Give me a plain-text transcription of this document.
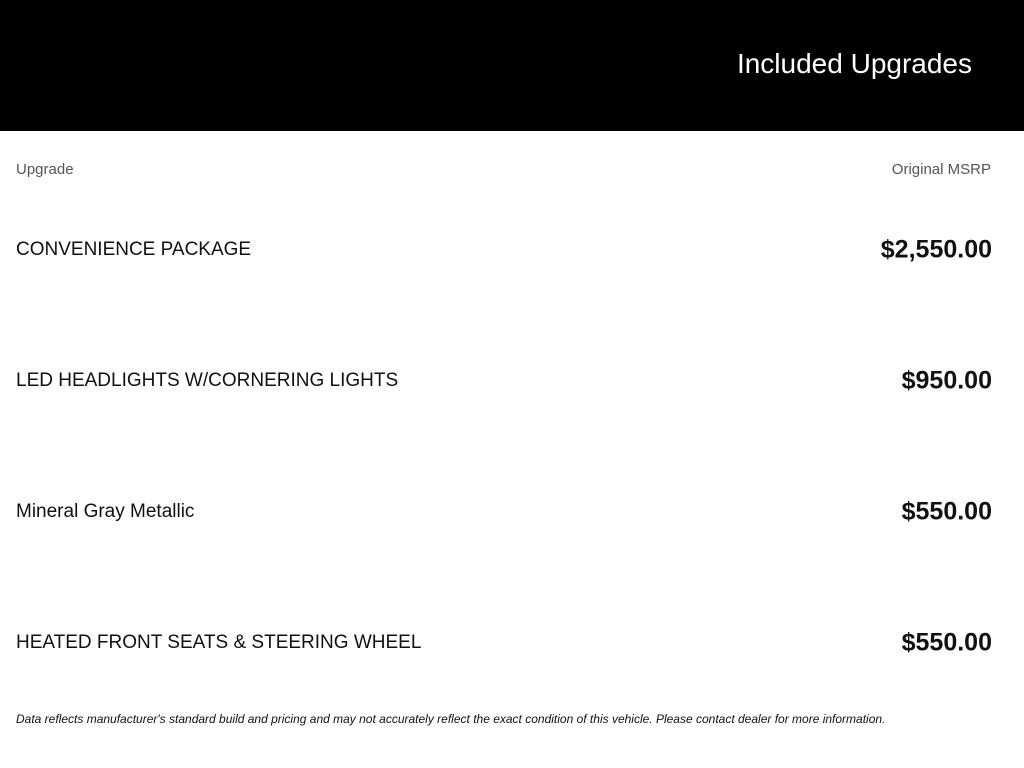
Included Upgrades
Upgrade	Original MSRP
CONVENIENCE PACKAGE	$2,550.00
LED HEADLIGHTS W/CORNERING LIGHTS	$950.00
Mineral Gray Metallic	$550.00
HEATED FRONT SEATS & STEERING WHEEL	$550.00
Data reflects manufacturer's standard build and pricing and may not accurately reflect the exact condition of this vehicle. Please contact dealer for more information.
